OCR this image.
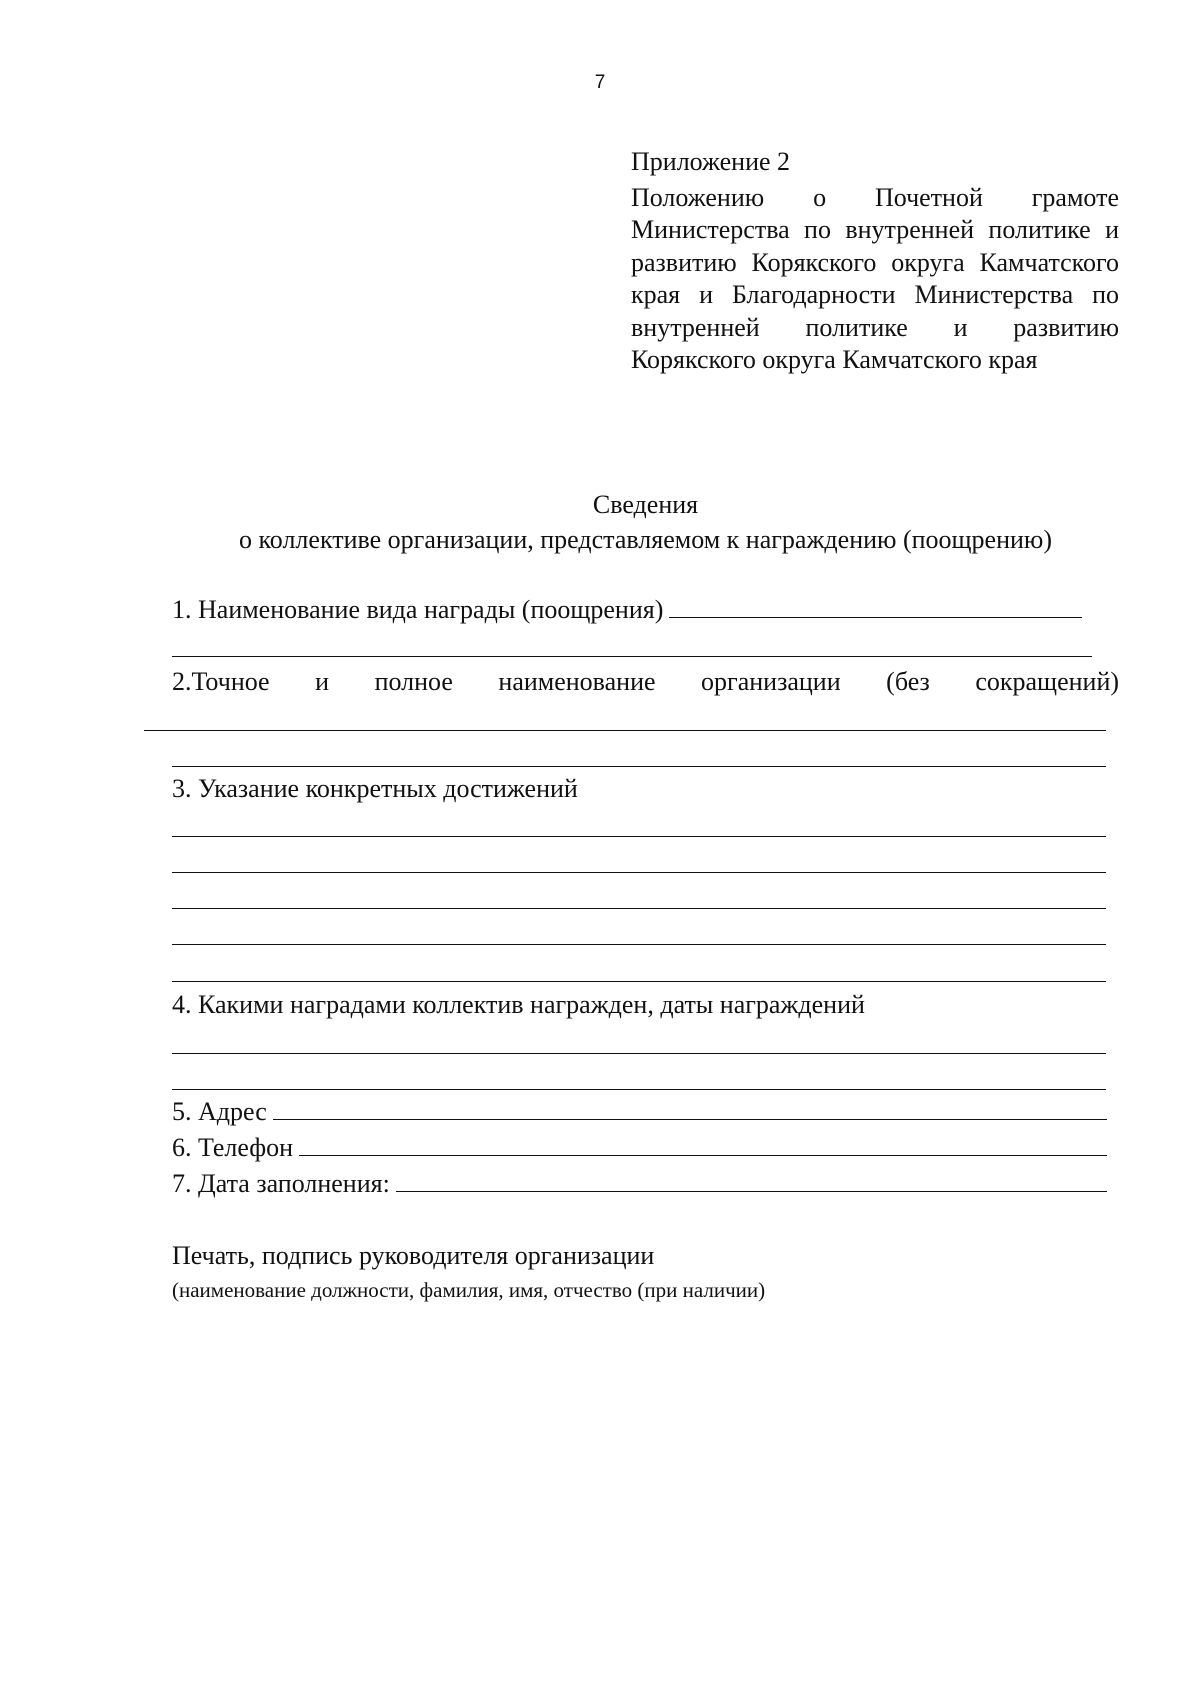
7
Приложение 2
Положению о Почетной грамоте Министерства по внутренней политике и развитию Корякского округа Камчатского края и Благодарности Министерства по внутренней политике и развитию Корякского округа Камчатского края
Сведения
о коллективе организации, представляемом к награждению (поощрению)
1. Наименование вида награды (поощрения)
2.Точное и полное наименование организации (без сокращений)
3. Указание конкретных достижений
4. Какими наградами коллектив награжден, даты награждений
5. Адрес
6. Телефон
7. Дата заполнения:
Печать, подпись руководителя организации
(наименование должности, фамилия, имя, отчество (при наличии)
